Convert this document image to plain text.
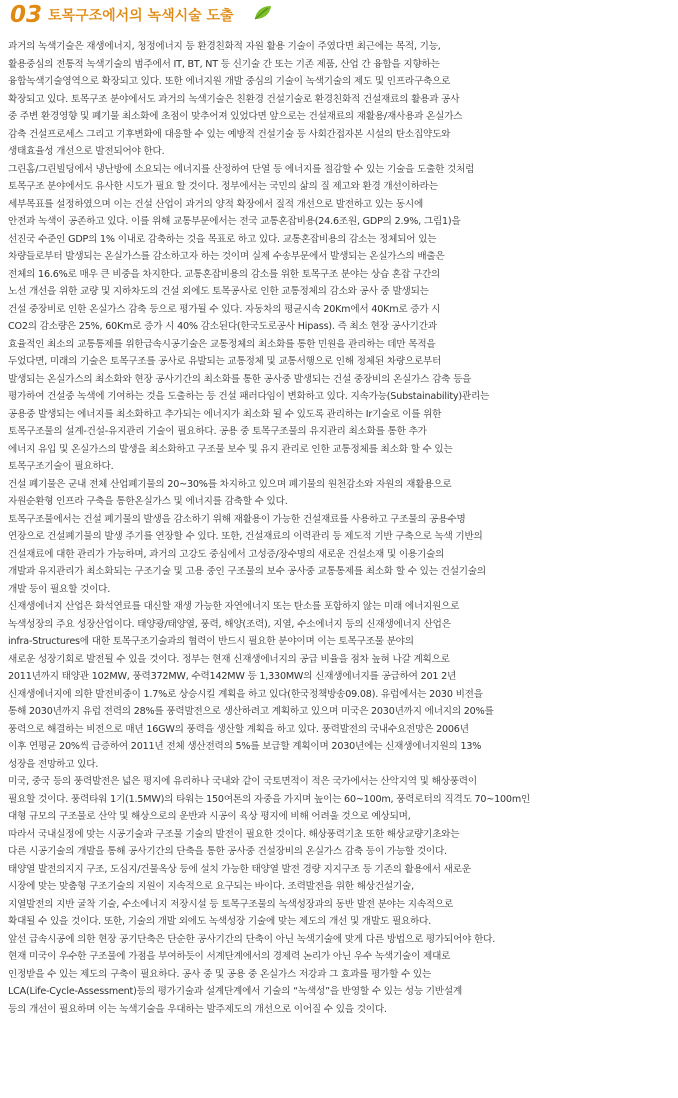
03 토목구조에서의 녹색시술 도출
과거의 녹색기술은 재생에너지, 청정에너지 등 환경친화적 자원 활용 기술이 주였다면 최근에는 목적, 기능,
활용중심의 전통적 녹색기술의 범주에서 IT, BT, NT 등 신기술 간 또는 기존 제품, 산업 간 융합을 지향하는
융합녹색기술영역으로 확장되고 있다. 또한 에너지원 개발 중심의 기술이 녹색기술의 제도 및 인프라구축으로
확장되고 있다. 토목구조 분야에서도 과거의 녹색기술은 친환경 건설기술로 환경친화적 건설재료의 활용과 공사
중 주변 환경영향 및 폐기물 최소화에 초점이 맞추어져 있었다면 앞으로는 건설재료의 재활용/재사용과 온실가스
감축 건설프로세스 그리고 기후변화에 대응할 수 있는 예방적 건설기술 등 사회간접자본 시설의 탄소집약도와
생태효율성 개선으로 발전되어야 한다.
그린홈/그린빌딩에서 냉난방에 소요되는 에너지를 산정하여 단열 등 에너지를 절감할 수 있는 기술을 도출한 것처럼
토목구조 분야에서도 유사한 시도가 필요 할 것이다. 정부에서는 국민의 삶의 질 제고와 환경 개선이하라는
세부목표를 설정하였으며 이는 건설 산업이 과거의 양적 확장에서 질적 개선으로 발전하고 있는 동시에
안전과 녹색이 공존하고 있다. 이를 위해 교통부문에서는 전국 교통혼잡비용(24.6조원, GDP의 2.9%, 그림1)을
선진국 수준인 GDP의 1% 이내로 감축하는 것을 목표로 하고 있다. 교통혼잡비용의 감소는 정체되어 있는
차량들로부터 발생되는 온실가스를 감소하고자 하는 것이며 실제 수송부문에서 발생되는 온실가스의 배출은
전체의 16.6%로 매우 큰 비중을 차지한다. 교통혼잡비용의 감소를 위한 토목구조 분야는 상습 혼잡 구간의
노선 개선을 위한 교량 및 지하차도의 건설 외에도 토목공사로 인한 교통정체의 감소와 공사 중 발생되는
건설 중장비로 인한 온실가스 감축 등으로 평가될 수 있다. 자동차의 평균시속 20Km에서 40Km로 증가 시
CO2의 감소량은 25%, 60Km로 증가 시 40% 감소된다(한국도로공사 Hipass). 즉 최소 현장 공사기간과
효율적인 최소의 교통통제를 위한급속시공기술은 교통정체의 최소화를 통한 민원을 관리하는 데만 목적을
두었다면, 미래의 기술은 토목구조를 공사로 유발되는 교통정체 및 교통서행으로 인해 정체된 차량으로부터
발생되는 온실가스의 최소화와 현장 공사기간의 최소화를 통한 공사중 발생되는 건설 중장비의 온실가스 감축 등을
평가하여 건설중 녹색에 기여하는 것을 도출하는 등 건설 패러다임이 변화하고 있다. 지속가능(Substainability)관리는
공용중 발생되는 에너지를 최소화하고 추가되는 에너지가 최소화 될 수 있도록 관리하는 Ir기술로 이를 위한
토목구조물의 설계-건설-유지관리 기술이 필요하다. 공용 중 토목구조물의 유지관리 최소화를 통한 추가
에너지 유입 및 온실가스의 발생을 최소화하고 구조물 보수 및 유지 관리로 인한 교통정체를 최소화 할 수 있는
토목구조기술이 필요하다.
건설 폐기물은 군내 전체 산업폐기물의 20~30%를 차지하고 있으며 폐기물의 원천감소와 자원의 재활용으로
자원순환형 인프라 구축을 통한온실가스 및 에너지를 감축할 수 있다.
토목구조물에서는 건설 폐기물의 발생을 감소하기 위해 재활용이 가능한 건설재료를 사용하고 구조물의 공용수명
연장으로 건설폐기물의 발생 주기를 연장할 수 있다. 또한, 건설재료의 이력관리 등 제도적 기반 구축으로 녹색 기반의
건설재료에 대한 관리가 가능하며, 과거의 고강도 중심에서 고성증/장수명의 새로운 건설소재 및 이용기술의
개발과 유지관리가 최소화되는 구조기술 및 고용 중인 구조물의 보수 공사중 교통통제를 최소화 할 수 있는 건설기술의
개발 등이 필요할 것이다.
신재생에너지 산업은 화석연료를 대신할 재생 가능한 자연에너지 또는 탄소를 포함하지 않는 미래 에너지원으로
녹색성장의 주요 성장산업이다. 태양광/태양열, 풍력, 해양(조력), 지열, 수소에너지 등의 신재생에너지 산업은
infra-Structures에 대한 토목구조기술과의 협력이 반드시 필요한 분야이며 이는 토목구조물 분야의
새로운 성장기회로 발전될 수 있을 것이다. 정부는 현재 신재생에너지의 공급 비율을 점차 높혀 나갈 계획으로
2011년까지 태양관 102MW, 풍력372MW, 수력142MW 등 1,330MW의 신재생에너지를 공급하여 201 2년
신재생에너지에 의한 발전비중이 1.7%로 상승시킬 계획을 하고 있다(한국정책방송09.08). 유럽에서는 2030 비전을
통해 2030년까지 유럽 전력의 28%를 풍력발전으로 생산하려고 계획하고 있으며 미국은 2030년까지 에너지의 20%를
풍력으로 해결하는 비전으로 매년 16GW의 풍력을 생산할 계획을 하고 있다. 풍력발전의 국내수요전망은 2006년
이후 연평균 20%씩 급증하여 2011년 전체 생산전력의 5%를 보급할 계획이며 2030년에는 신재생에너지원의 13%
성장을 전망하고 있다.
미국, 중국 등의 풍력발전은 넓은 평지에 유리하나 국내와 같이 국토면적이 적은 국가에서는 산악지역 및 해상풍력이
필요할 것이다. 풍력타워 1기(1.5MW)의 타워는 150여톤의 자중을 가지며 높이는 60~100m, 풍력로터의 직격도 70~100m인
대형 규모의 구조물로 산악 및 해상으로의 운반과 시공이 육상 평지에 비해 어려울 것으로 예상되며,
따라서 국내실정에 맞는 시공기술과 구조물 기술의 발전이 필요한 것이다. 해상풍력기초 또한 해상교량기초와는
다른 시공기술의 개발을 통해 공사기간의 단축을 통한 공사중 건설장비의 온실가스 감축 등이 가능할 것이다.
태양열 발전의지지 구조, 도심지/건물옥상 등에 설치 가능한 태양열 발전 경량 지지구조 등 기존의 활용에서 새로운
시장에 맞는 맞춤형 구조기술의 지원이 지속적으로 요구되는 바이다. 조력발전을 위한 해상건설기술,
지열발전의 지반 굴착 기술, 수소에너지 저장시설 등 토목구조물의 녹색성장과의 동반 발전 분야는 지속적으로
확대될 수 있을 것이다. 또한, 기술의 개발 외에도 녹색성장 기술에 맞는 제도의 개선 및 개발도 필요하다.
앞선 급속시공에 의한 현장 공기단축은 단순한 공사기간의 단축이 아닌 녹색기술에 맞게 다른 방법으로 평가되어야 한다.
현재 미국이 우수한 구조물에 가점을 부여하듯이 서계단계에서의 경제력 논리가 아닌 우수 녹색기술이 제대로
인정받을 수 있는 제도의 구축이 필요하다. 공사 중 및 공용 중 온실가스 저강과 그 효과를 평가할 수 있는
LCA(Life-Cycle-Assessment)등의 평가기술과 설계단계에서 기술의 “녹색성”을 반영할 수 있는 성능 기반설계
등의 개선이 필요하며 이는 녹색기술을 우대하는 발주제도의 개선으로 이어질 수 있을 것이다.
